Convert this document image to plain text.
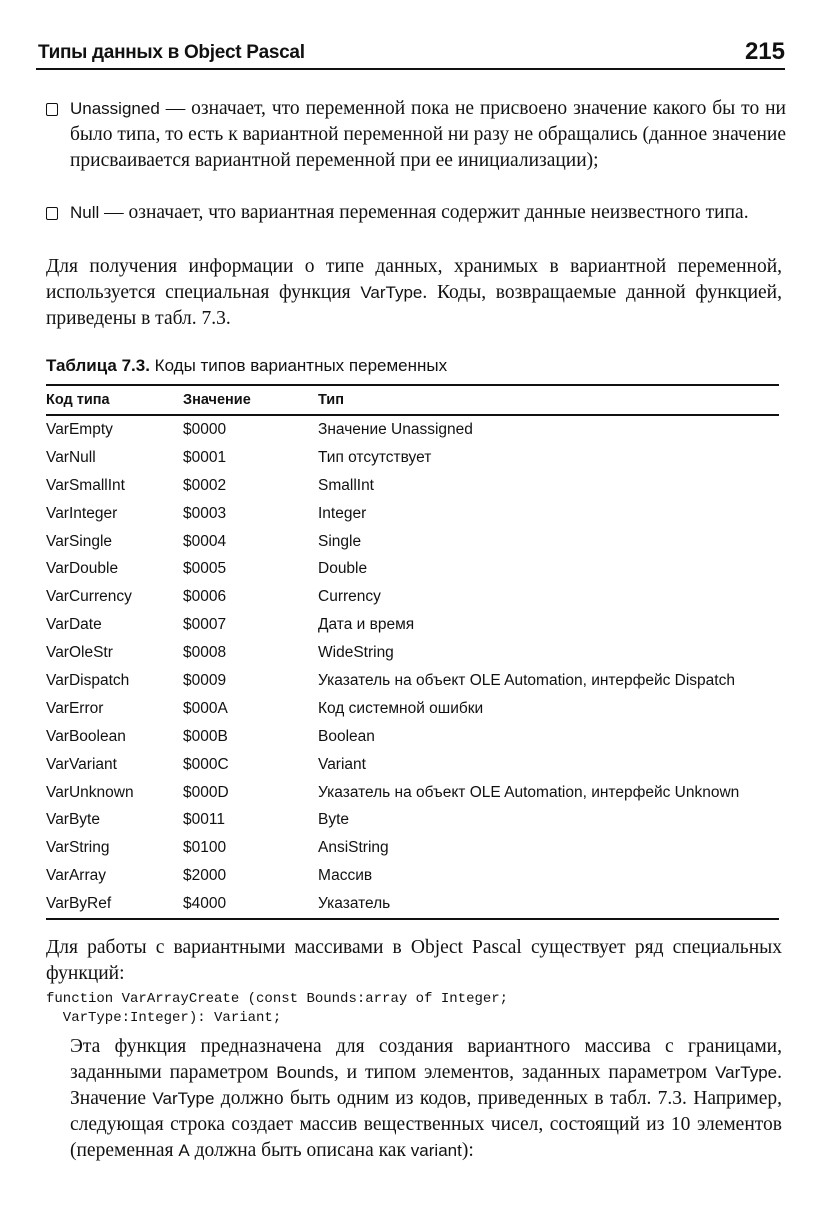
Типы данных в Object Pascal	215
Unassigned — означает, что переменной пока не присвоено значение какого бы то ни было типа, то есть к вариантной переменной ни разу не обращались (данное значение присваивается вариантной переменной при ее инициализации);
Null — означает, что вариантная переменная содержит данные неизвестного типа.
Для получения информации о типе данных, хранимых в вариантной переменной, используется специальная функция VarType. Коды, возвращаемые данной функцией, приведены в табл. 7.3.
Таблица 7.3. Коды типов вариантных переменных
Код типа	Значение	Тип
VarEmpty	$0000	Значение Unassigned
VarNull	$0001	Тип отсутствует
VarSmallInt	$0002	SmallInt
VarInteger	$0003	Integer
VarSingle	$0004	Single
VarDouble	$0005	Double
VarCurrency	$0006	Currency
VarDate	$0007	Дата и время
VarOleStr	$0008	WideString
VarDispatch	$0009	Указатель на объект OLE Automation, интерфейс Dispatch
VarError	$000A	Код системной ошибки
VarBoolean	$000B	Boolean
VarVariant	$000C	Variant
VarUnknown	$000D	Указатель на объект OLE Automation, интерфейс Unknown
VarByte	$0011	Byte
VarString	$0100	AnsiString
VarArray	$2000	Массив
VarByRef	$4000	Указатель
Для работы с вариантными массивами в Object Pascal существует ряд специальных функций:
function VarArrayCreate (const Bounds:array of Integer;
VarType:Integer): Variant;
Эта функция предназначена для создания вариантного массива с границами, заданными параметром Bounds, и типом элементов, заданных параметром VarType. Значение VarType должно быть одним из кодов, приведенных в табл. 7.3. Например, следующая строка создает массив вещественных чисел, состоящий из 10 элементов (переменная A должна быть описана как variant):
